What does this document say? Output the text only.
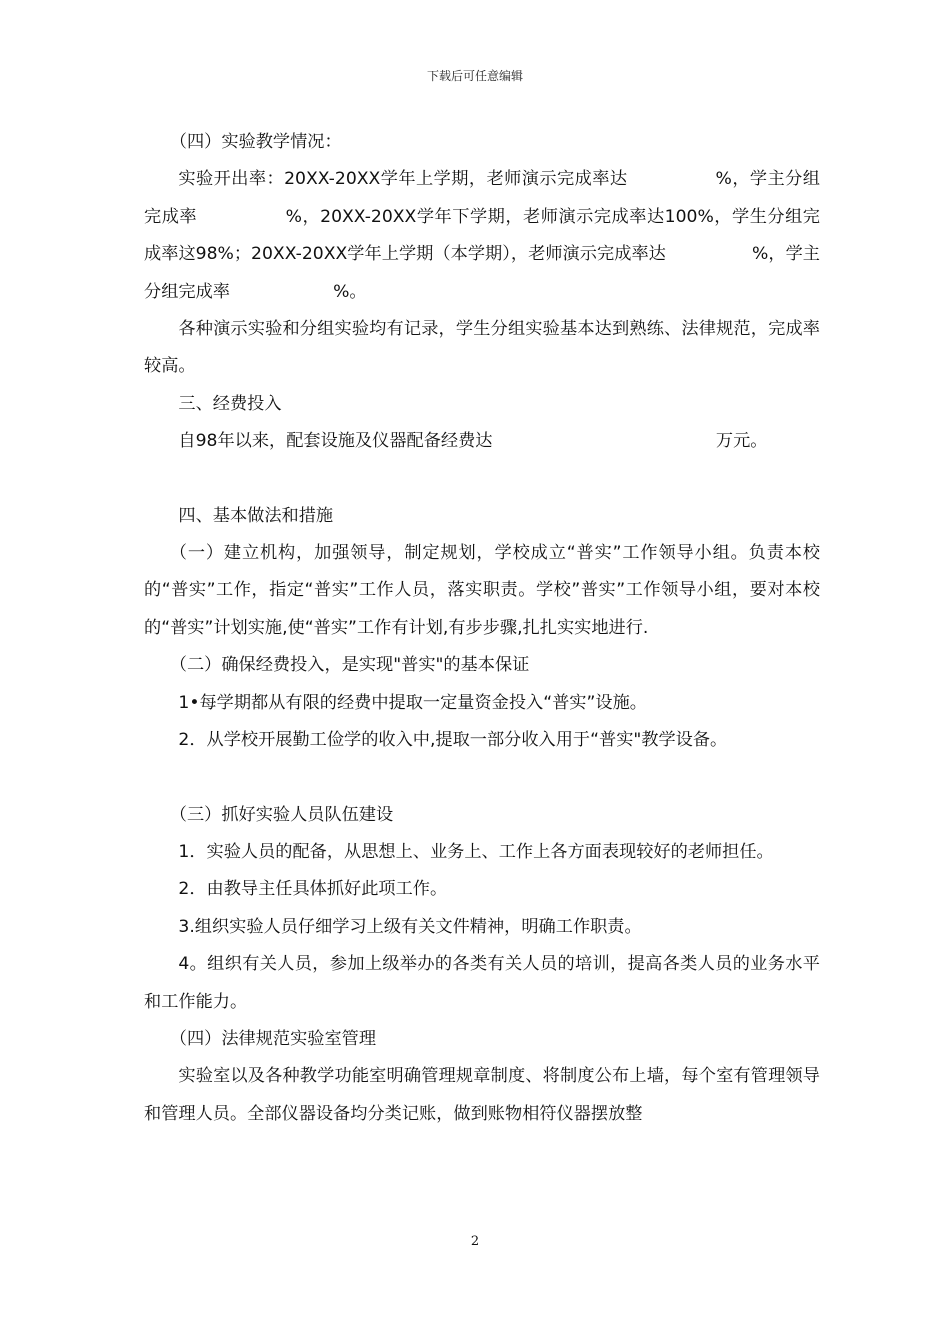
下载后可任意编辑

（四）实验教学情况：

实验开出率：20XX-20XX学年上学期，老师演示完成率达　　　　　%，学主分组完成率　　　　　%，20XX-20XX学年下学期，老师演示完成率达100%，学生分组完成率这98%；20XX-20XX学年上学期（本学期），老师演示完成率达　　　　　%，学主分组完成率　　　　　　%。

各种演示实验和分组实验均有记录，学生分组实验基本达到熟练、法律规范，完成率较高。

三、经费投入

自98年以来，配套设施及仪器配备经费达　　　　　　　　　　　　　万元。

四、基本做法和措施

（一）建立机构，加强领导，制定规划，学校成立“普实”工作领导小组。负责本校的“普实”工作，指定“普实”工作人员，落实职责。学校”普实”工作领导小组，要对本校的“普实”计划实施,使“普实”工作有计划,有步步骤,扎扎实实地进行.

（二）确保经费投入，是实现"普实"的基本保证

1•每学期都从有限的经费中提取一定量资金投入“普实”设施。

2．从学校开展勤工俭学的收入中,提取一部分收入用于“普实"教学设备。

（三）抓好实验人员队伍建设

1．实验人员的配备，从思想上、业务上、工作上各方面表现较好的老师担任。

2．由教导主任具体抓好此项工作。

3.组织实验人员仔细学习上级有关文件精神，明确工作职责。

4。组织有关人员，参加上级举办的各类有关人员的培训，提高各类人员的业务水平和工作能力。

（四）法律规范实验室管理

实验室以及各种教学功能室明确管理规章制度、将制度公布上墙，每个室有管理领导和管理人员。全部仪器设备均分类记账，做到账物相符仪器摆放整

2
